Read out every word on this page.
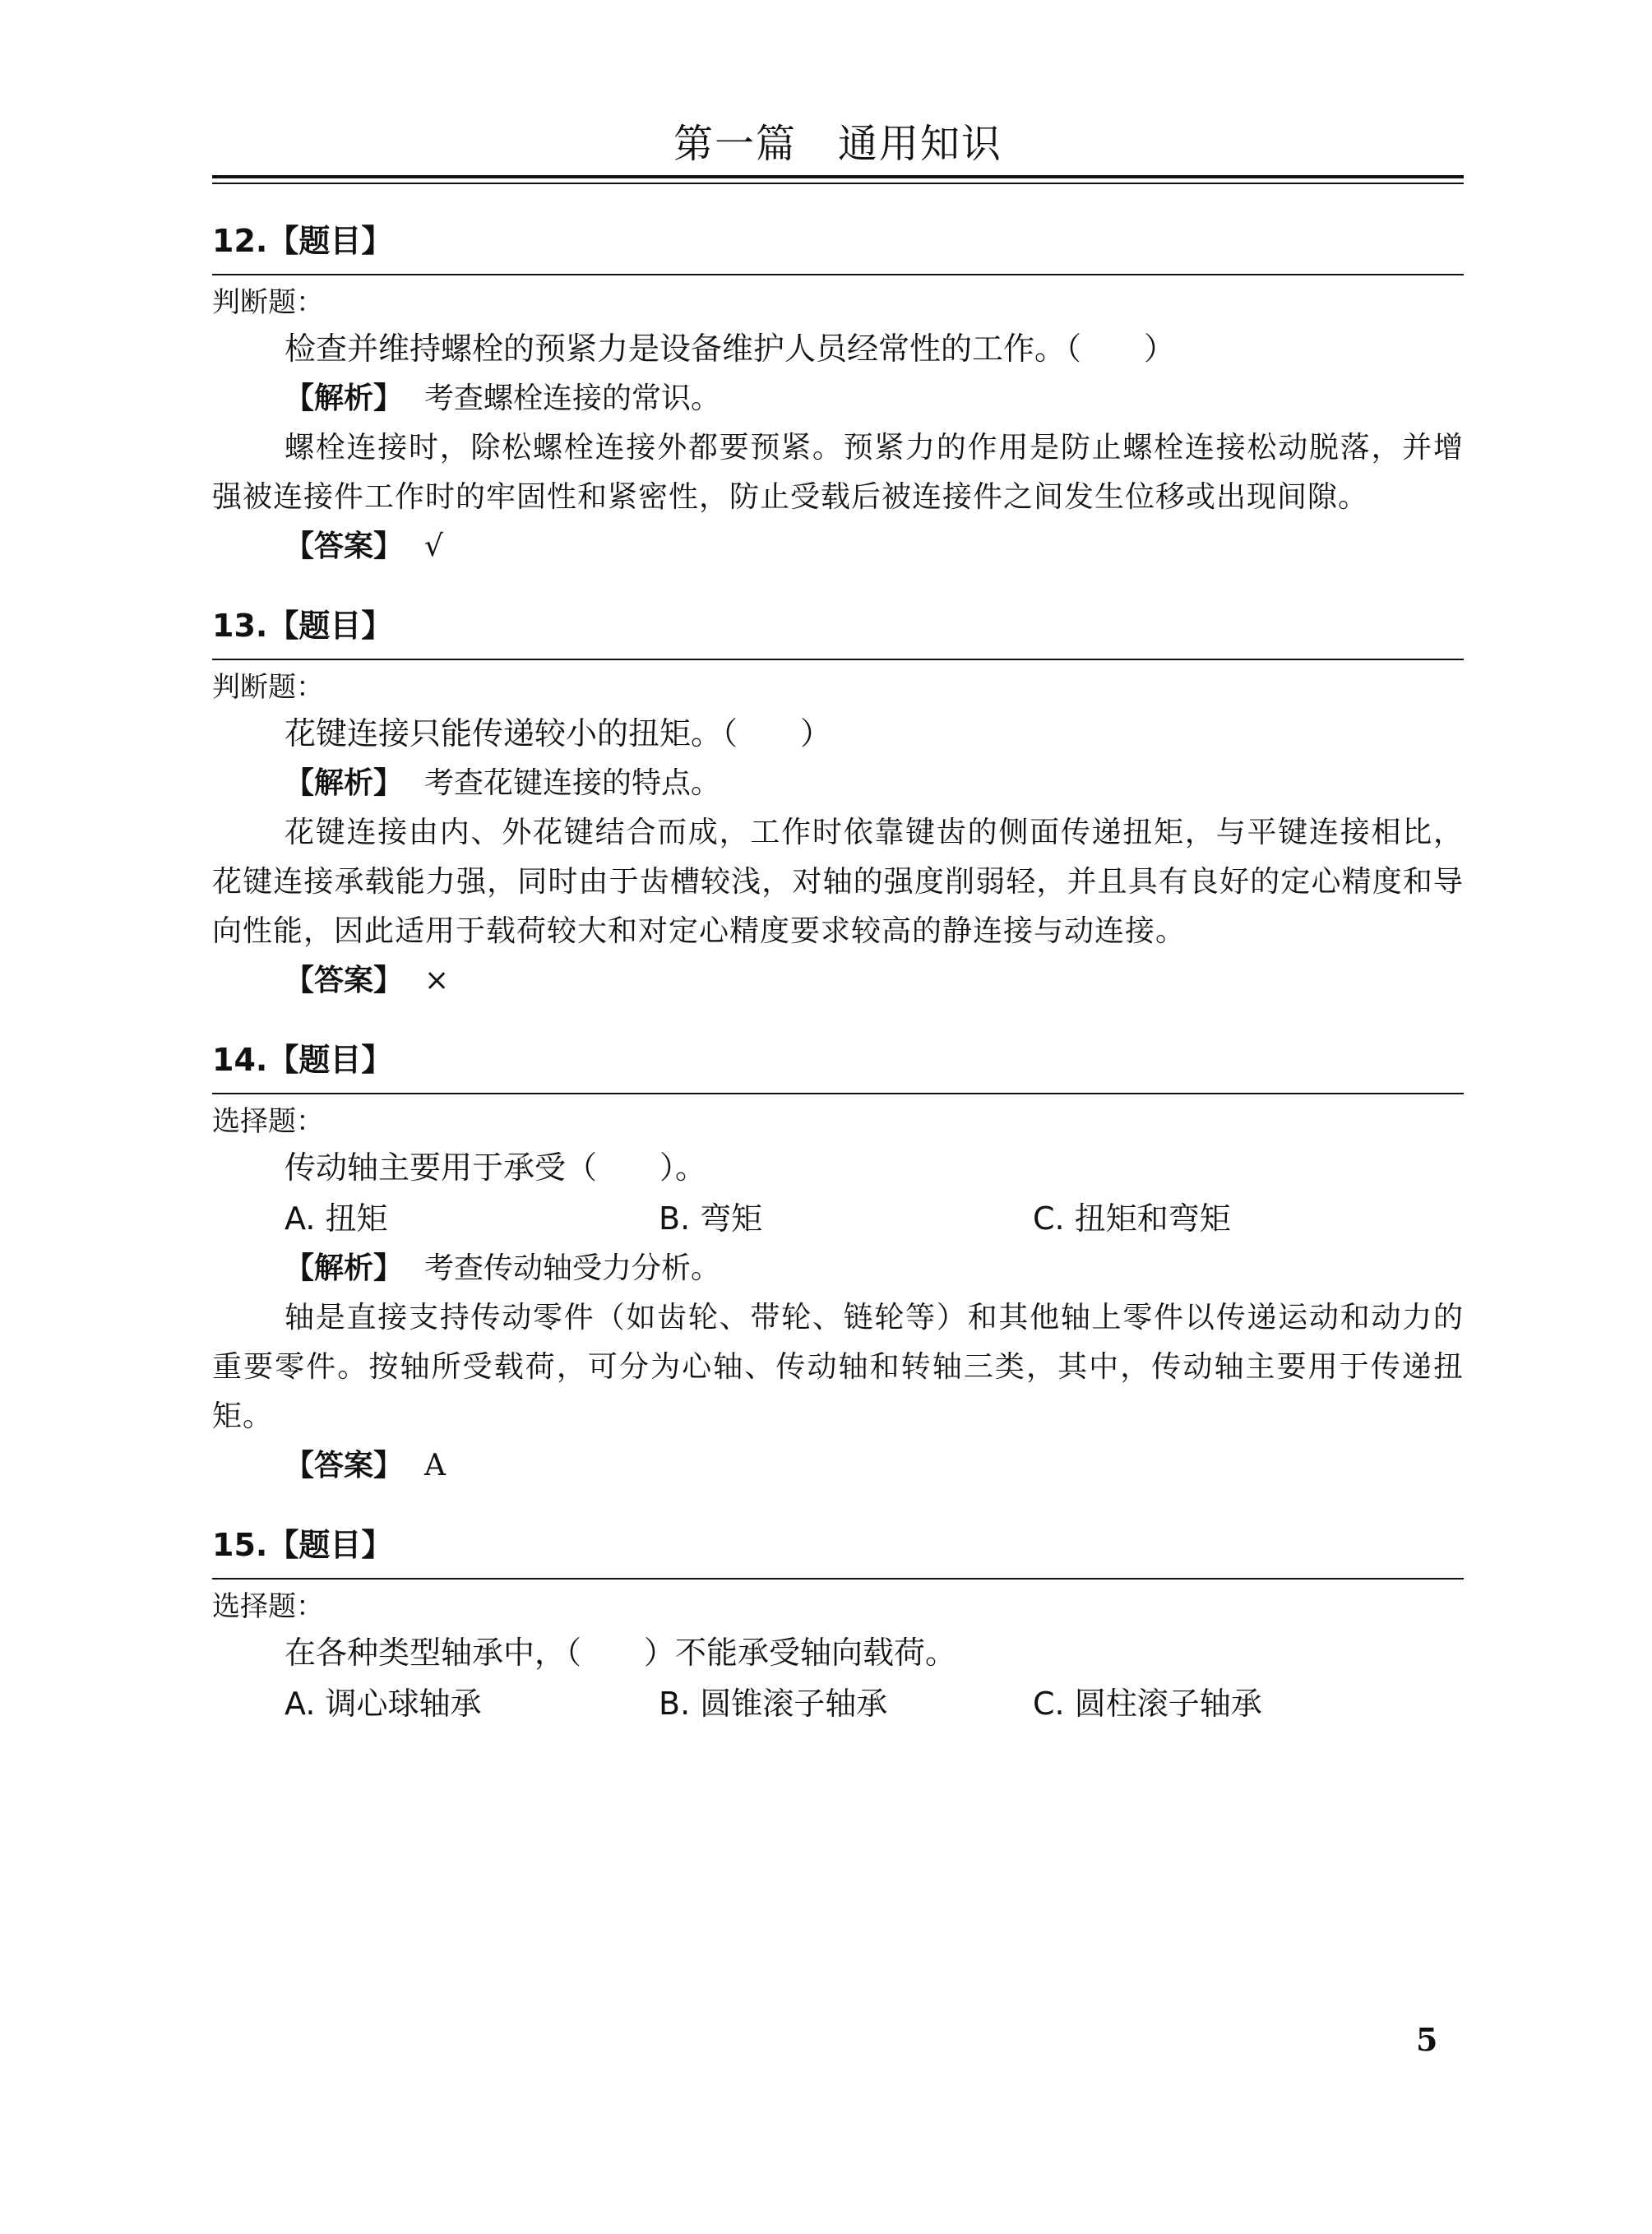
第一篇　通用知识
12.【题目】
判断题：
检查并维持螺栓的预紧力是设备维护人员经常性的工作。（　　）
【解析】 考查螺栓连接的常识。
螺栓连接时，除松螺栓连接外都要预紧。预紧力的作用是防止螺栓连接松动脱落，并增强被连接件工作时的牢固性和紧密性，防止受载后被连接件之间发生位移或出现间隙。
【答案】 √
13.【题目】
判断题：
花键连接只能传递较小的扭矩。（　　）
【解析】 考查花键连接的特点。
花键连接由内、外花键结合而成，工作时依靠键齿的侧面传递扭矩，与平键连接相比，花键连接承载能力强，同时由于齿槽较浅，对轴的强度削弱轻，并且具有良好的定心精度和导向性能，因此适用于载荷较大和对定心精度要求较高的静连接与动连接。
【答案】 ×
14.【题目】
选择题：
传动轴主要用于承受（　　）。
A. 扭矩	B. 弯矩	C. 扭矩和弯矩
【解析】 考查传动轴受力分析。
轴是直接支持传动零件（如齿轮、带轮、链轮等）和其他轴上零件以传递运动和动力的重要零件。按轴所受载荷，可分为心轴、传动轴和转轴三类，其中，传动轴主要用于传递扭矩。
【答案】 A
15.【题目】
选择题：
在各种类型轴承中，（　　）不能承受轴向载荷。
A. 调心球轴承	B. 圆锥滚子轴承	C. 圆柱滚子轴承
5
